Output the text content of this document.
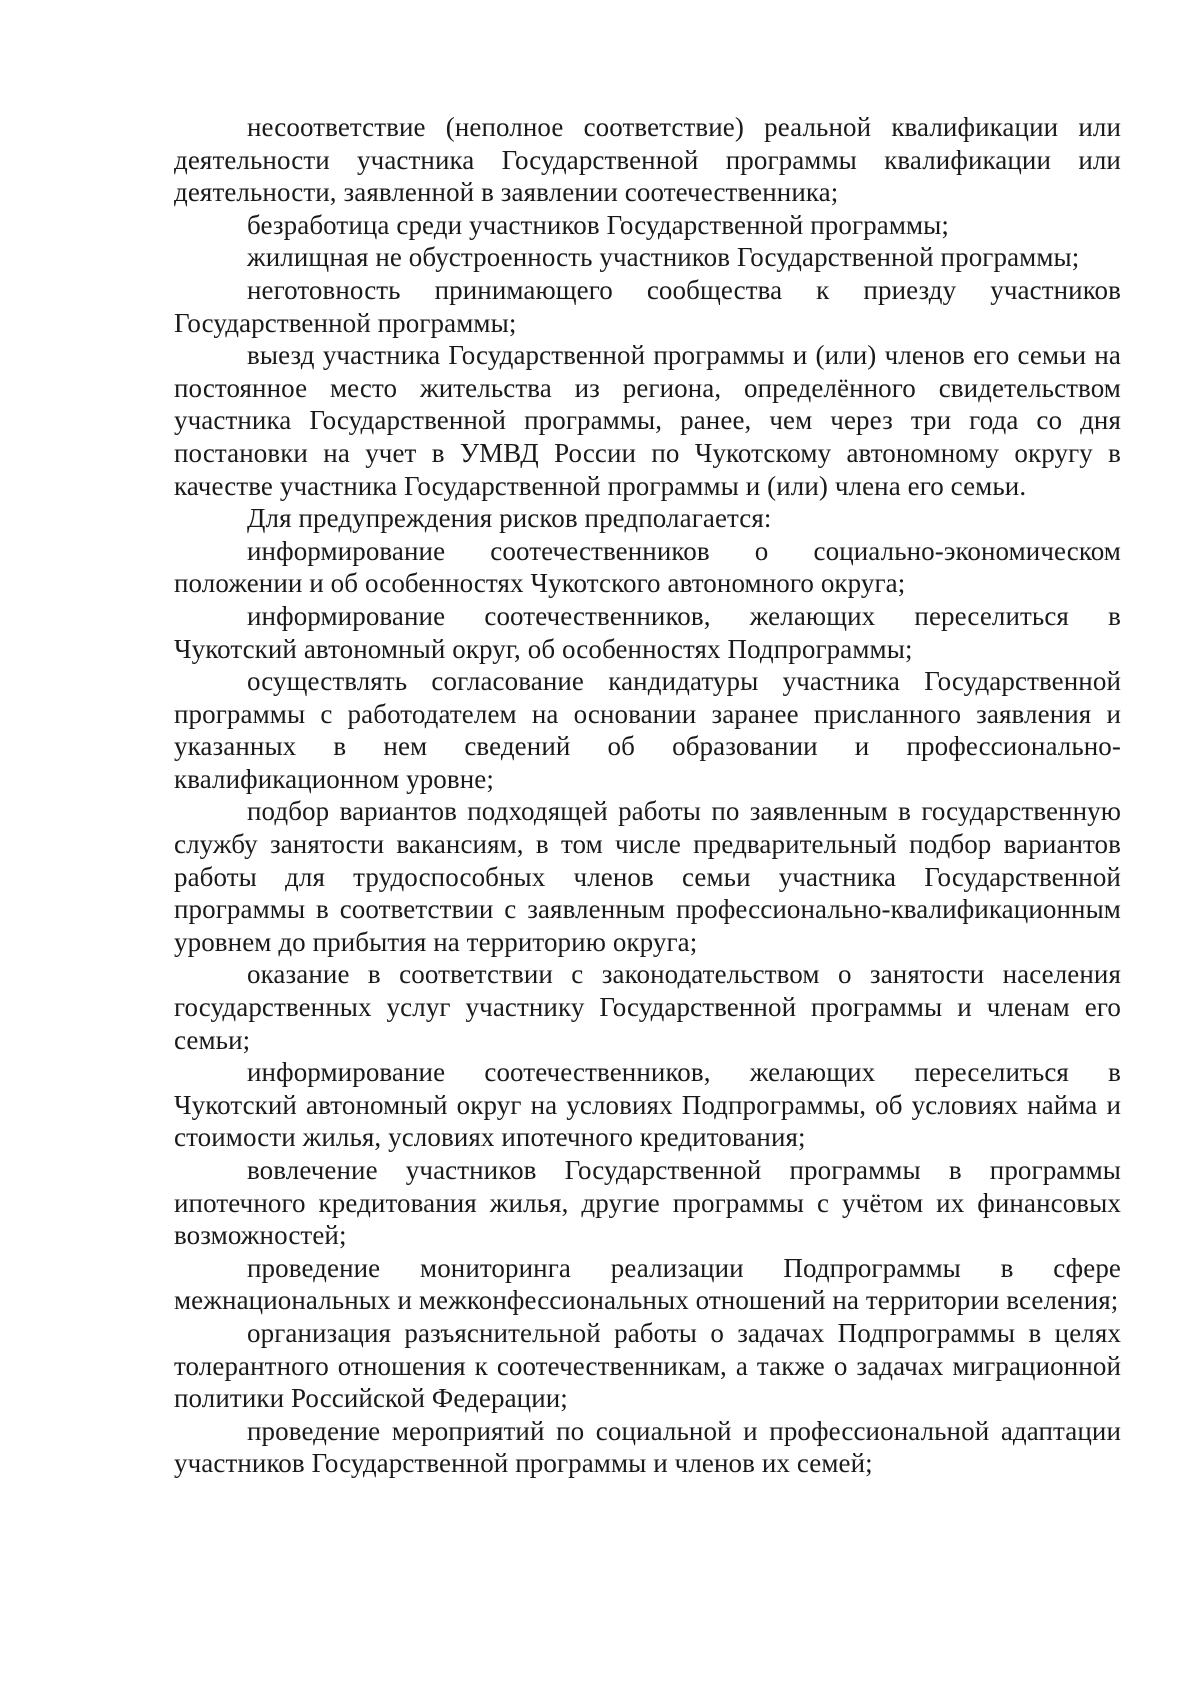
несоответствие (неполное соответствие) реальной квалификации или деятельности участника Государственной программы квалификации или деятельности, заявленной в заявлении соотечественника;

безработица среди участников Государственной программы;

жилищная не обустроенность участников Государственной программы;

неготовность принимающего сообщества к приезду участников Государственной программы;

выезд участника Государственной программы и (или) членов его семьи на постоянное место жительства из региона, определённого свидетельством участника Государственной программы, ранее, чем через три года со дня постановки на учет в УМВД России по Чукотскому автономному округу в качестве участника Государственной программы и (или) члена его семьи.

Для предупреждения рисков предполагается:

информирование соотечественников о социально-экономическом положении и об особенностях Чукотского автономного округа;

информирование соотечественников, желающих переселиться в Чукотский автономный округ, об особенностях Подпрограммы;

осуществлять согласование кандидатуры участника Государственной программы с работодателем на основании заранее присланного заявления и указанных в нем сведений об образовании и профессионально-квалификационном уровне;

подбор вариантов подходящей работы по заявленным в государственную службу занятости вакансиям, в том числе предварительный подбор вариантов работы для трудоспособных членов семьи участника Государственной программы в соответствии с заявленным профессионально-квалификационным уровнем до прибытия на территорию округа;

оказание в соответствии с законодательством о занятости населения государственных услуг участнику Государственной программы и членам его семьи;

информирование соотечественников, желающих переселиться в Чукотский автономный округ на условиях Подпрограммы, об условиях найма и стоимости жилья, условиях ипотечного кредитования;

вовлечение участников Государственной программы в программы ипотечного кредитования жилья, другие программы с учётом их финансовых возможностей;

проведение мониторинга реализации Подпрограммы в сфере межнациональных и межконфессиональных отношений на территории вселения;

организация разъяснительной работы о задачах Подпрограммы в целях толерантного отношения к соотечественникам, а также о задачах миграционной политики Российской Федерации;

проведение мероприятий по социальной и профессиональной адаптации участников Государственной программы и членов их семей;
